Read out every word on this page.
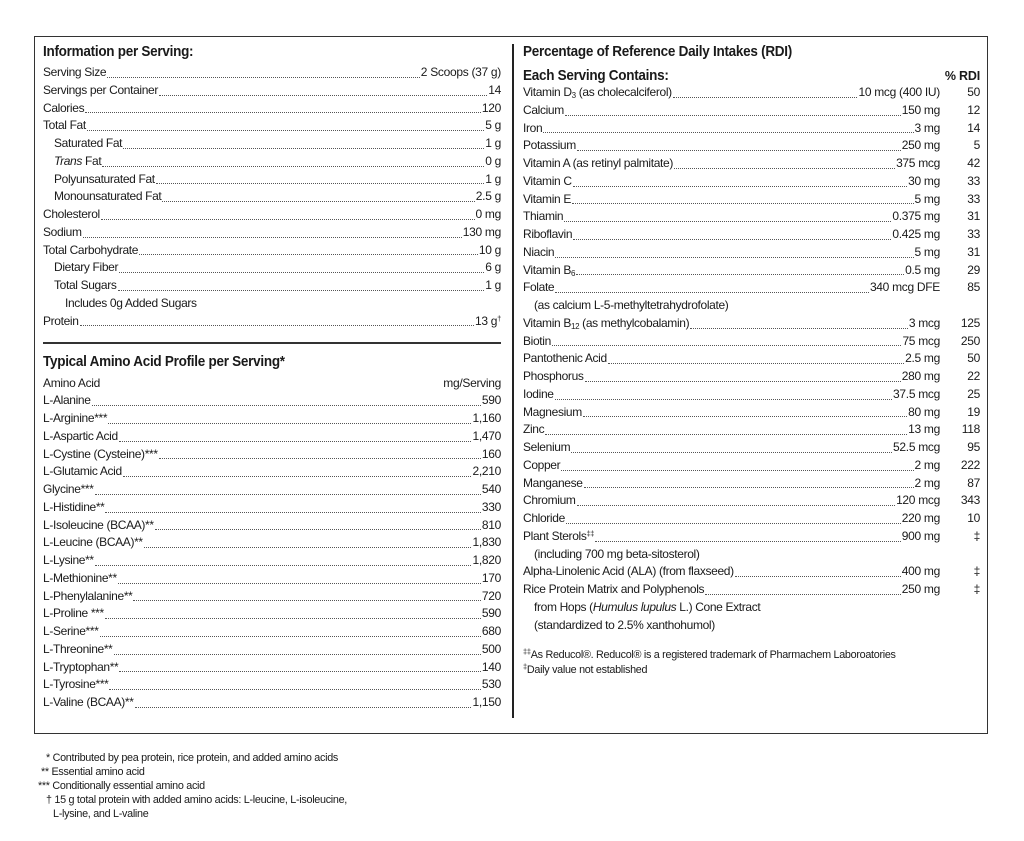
Information per Serving:
Serving Size	2 Scoops (37 g)
Servings per Container	14
Calories	120
Total Fat	5 g
Saturated Fat	1 g
Trans Fat	0 g
Polyunsaturated Fat	1 g
Monounsaturated Fat	2.5 g
Cholesterol	0 mg
Sodium	130 mg
Total Carbohydrate	10 g
Dietary Fiber	6 g
Total Sugars	1 g
Includes 0g Added Sugars
Protein	13 g†
Typical Amino Acid Profile per Serving*
Amino Acid	mg/Serving
L-Alanine	590
L-Arginine***	1,160
L-Aspartic Acid	1,470
L-Cystine (Cysteine)***	160
L-Glutamic Acid	2,210
Glycine***	540
L-Histidine**	330
L-Isoleucine (BCAA)**	810
L-Leucine (BCAA)**	1,830
L-Lysine**	1,820
L-Methionine**	170
L-Phenylalanine**	720
L-Proline ***	590
L-Serine***	680
L-Threonine**	500
L-Tryptophan**	140
L-Tyrosine***	530
L-Valine (BCAA)**	1,150
Percentage of Reference Daily Intakes (RDI)
Each Serving Contains:	% RDI
Vitamin $D_3$ (as cholecalciferol)	10 mcg (400 IU)	50
Calcium	150 mg	12
Iron	3 mg	14
Potassium	250 mg	5
Vitamin A (as retinyl palmitate)	375 mcg	42
Vitamin C	30 mg	33
Vitamin E	5 mg	33
Thiamin	0.375 mg	31
Riboflavin	0.425 mg	33
Niacin	5 mg	31
Vitamin $B_6$	0.5 mg	29
Folate	340 mcg DFE	85
(as calcium L-5-methyltetrahydrofolate)
Vitamin $B_{12}$ (as methylcobalamin)	3 mcg	125
Biotin	75 mcg	250
Pantothenic Acid	2.5 mg	50
Phosphorus	280 mg	22
Iodine	37.5 mcg	25
Magnesium	80 mg	19
Zinc	13 mg	118
Selenium	52.5 mcg	95
Copper	2 mg	222
Manganese	2 mg	87
Chromium	120 mcg	343
Chloride	220 mg	10
Plant Sterols‡‡	900 mg	‡
(including 700 mg beta-sitosterol)
Alpha-Linolenic Acid (ALA) (from flaxseed)	400 mg	‡
Rice Protein Matrix and Polyphenols	250 mg	‡
from Hops (Humulus lupulus L.) Cone Extract
(standardized to 2.5% xanthohumol)
‡‡As Reducol®. Reducol® is a registered trademark of Pharmachem Laboroatories
‡Daily value not established
* Contributed by pea protein, rice protein, and added amino acids
** Essential amino acid
*** Conditionally essential amino acid
† 15 g total protein with added amino acids: L-leucine, L-isoleucine,
L-lysine, and L-valine
